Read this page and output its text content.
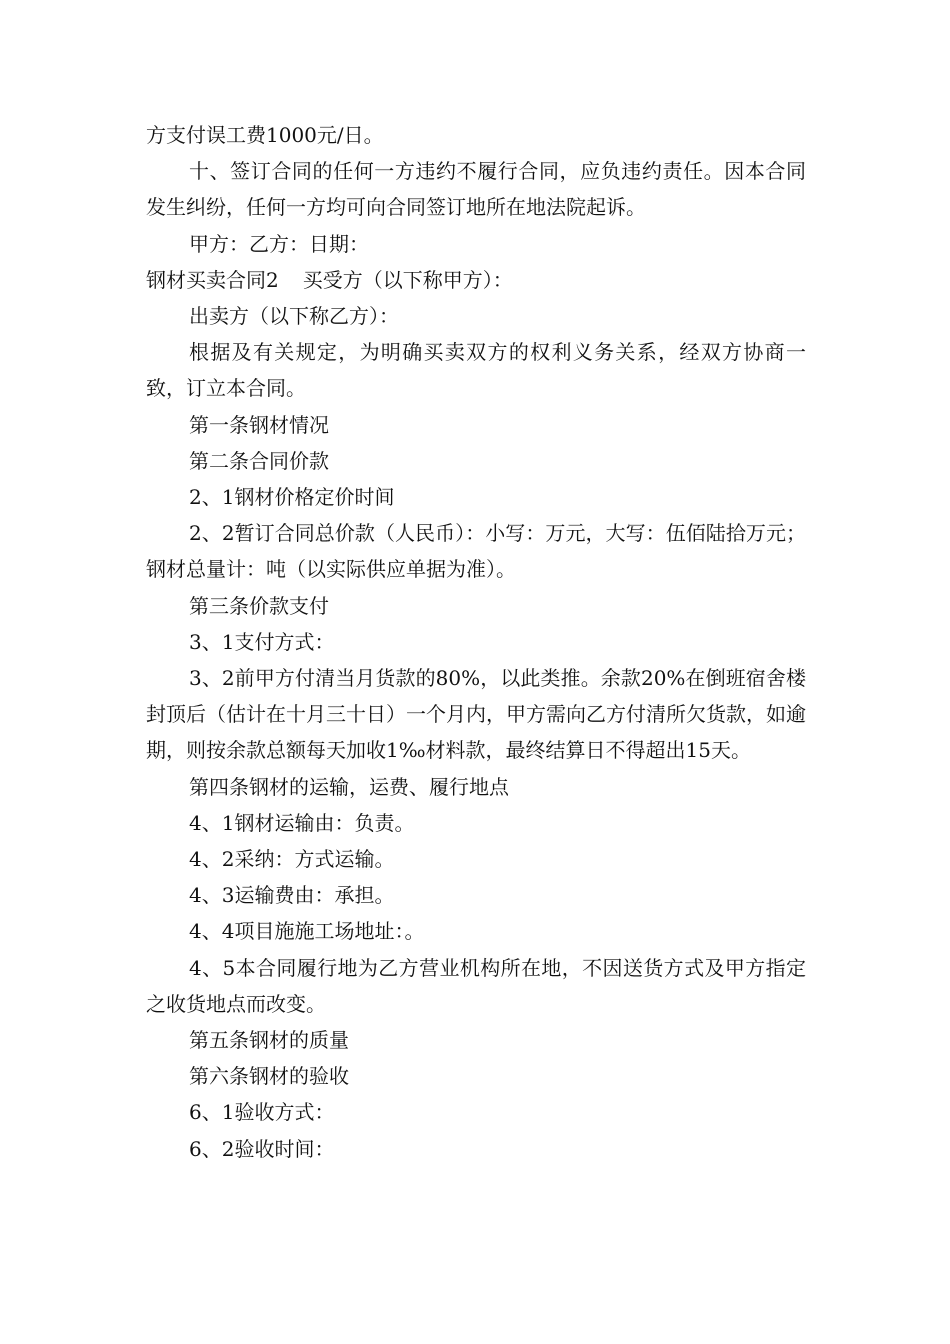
方支付误工费1000元/日。

十、签订合同的任何一方违约不履行合同，应负违约责任。因本合同发生纠纷，任何一方均可向合同签订地所在地法院起诉。

甲方：乙方：日期：

钢材买卖合同2 买受方（以下称甲方）：

出卖方（以下称乙方）：

根据及有关规定，为明确买卖双方的权利义务关系，经双方协商一致，订立本合同。

第一条钢材情况

第二条合同价款

2、1钢材价格定价时间

2、2暂订合同总价款（人民币）：小写：万元，大写：伍佰陆拾万元；钢材总量计：吨（以实际供应单据为准）。

第三条价款支付

3、1支付方式：

3、2前甲方付清当月货款的80%，以此类推。余款20%在倒班宿舍楼封顶后（估计在十月三十日）一个月内，甲方需向乙方付清所欠货款，如逾期，则按余款总额每天加收1‰材料款，最终结算日不得超出15天。

第四条钢材的运输，运费、履行地点

4、1钢材运输由：负责。

4、2采纳：方式运输。

4、3运输费由：承担。

4、4项目施施工场地址：。

4、5本合同履行地为乙方营业机构所在地，不因送货方式及甲方指定之收货地点而改变。

第五条钢材的质量

第六条钢材的验收

6、1验收方式：

6、2验收时间：
